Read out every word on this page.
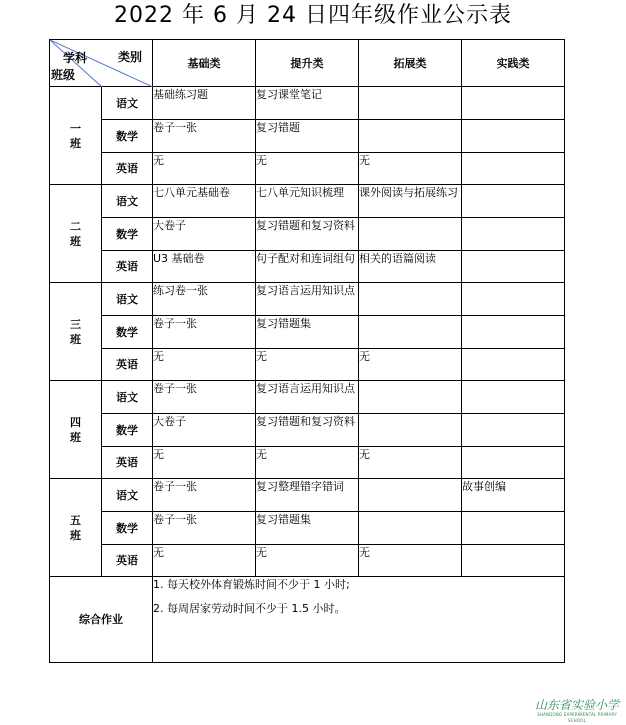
2022 年 6 月 24 日四年级作业公示表
学科 类别
班级		基础类	提升类	拓展类	实践类
一
班	语文	基础练习题	复习课堂笔记		
	数学	卷子一张	复习错题		
	英语	无	无	无	
二
班	语文	七八单元基础卷	七八单元知识梳理	课外阅读与拓展练习	
	数学	大卷子	复习错题和复习资料		
	英语	U3 基础卷	句子配对和连词组句	相关的语篇阅读	
三
班	语文	练习卷一张	复习语言运用知识点		
	数学	卷子一张	复习错题集		
	英语	无	无	无	
四
班	语文	卷子一张	复习语言运用知识点		
	数学	大卷子	复习错题和复习资料		
	英语	无	无	无	
五
班	语文	卷子一张	复习整理错字错词		故事创编
	数学	卷子一张	复习错题集		
	英语	无	无	无	
综合作业		1. 每天校外体育锻炼时间不少于 1 小时;

2. 每周居家劳动时间不少于 1.5 小时。			

山东省实验小学
SHANDONG EXPERIMENTAL PRIMARY SCHOOL
